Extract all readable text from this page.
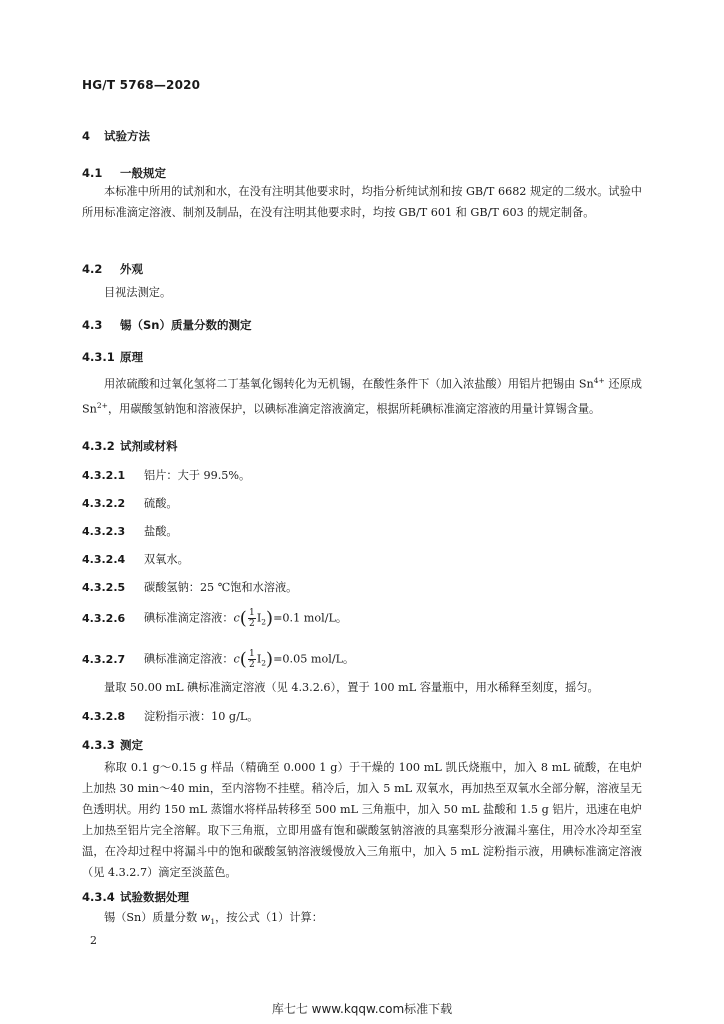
HG/T 5768—2020
4 试验方法
4.1 一般规定
本标准中所用的试剂和水，在没有注明其他要求时，均指分析纯试剂和按 GB/T 6682 规定的二级水。试验中所用标准滴定溶液、制剂及制品，在没有注明其他要求时，均按 GB/T 601 和 GB/T 603 的规定制备。
4.2 外观
目视法测定。
4.3 锡（Sn）质量分数的测定
4.3.1 原理
用浓硫酸和过氧化氢将二丁基氧化锡转化为无机锡，在酸性条件下（加入浓盐酸）用铝片把锡由 $Sn^{4+}$ 还原成 $Sn^{2+}$，用碳酸氢钠饱和溶液保护，以碘标准滴定溶液滴定，根据所耗碘标准滴定溶液的用量计算锡含量。
4.3.2 试剂或材料
4.3.2.1 铝片：大于 99.5%。
4.3.2.2 硫酸。
4.3.2.3 盐酸。
4.3.2.4 双氧水。
4.3.2.5 碳酸氢钠：25 ℃饱和水溶液。
4.3.2.6 碘标准滴定溶液：$c( \frac{1}{2} I_2)=0.1$ mol/L。
4.3.2.7 碘标准滴定溶液：$c( \frac{1}{2} I_2)=0.05$ mol/L。
量取 50.00 mL 碘标准滴定溶液（见 4.3.2.6），置于 100 mL 容量瓶中，用水稀释至刻度，摇匀。
4.3.2.8 淀粉指示液：10 g/L。
4.3.3 测定
称取 0.1 g～0.15 g 样品（精确至 0.000 1 g）于干燥的 100 mL 凯氏烧瓶中，加入 8 mL 硫酸，在电炉上加热 30 min～40 min，至内溶物不挂壁。稍冷后，加入 5 mL 双氧水，再加热至双氧水全部分解，溶液呈无色透明状。用约 150 mL 蒸馏水将样品转移至 500 mL 三角瓶中，加入 50 mL 盐酸和 1.5 g 铝片，迅速在电炉上加热至铝片完全溶解。取下三角瓶，立即用盛有饱和碳酸氢钠溶液的具塞梨形分液漏斗塞住，用冷水冷却至室温，在冷却过程中将漏斗中的饱和碳酸氢钠溶液缓慢放入三角瓶中，加入 5 mL 淀粉指示液，用碘标准滴定溶液（见 4.3.2.7）滴定至淡蓝色。
4.3.4 试验数据处理
锡（Sn）质量分数 $w_1$，按公式（1）计算：
2
库七七 www.kqqw.com标准下载
